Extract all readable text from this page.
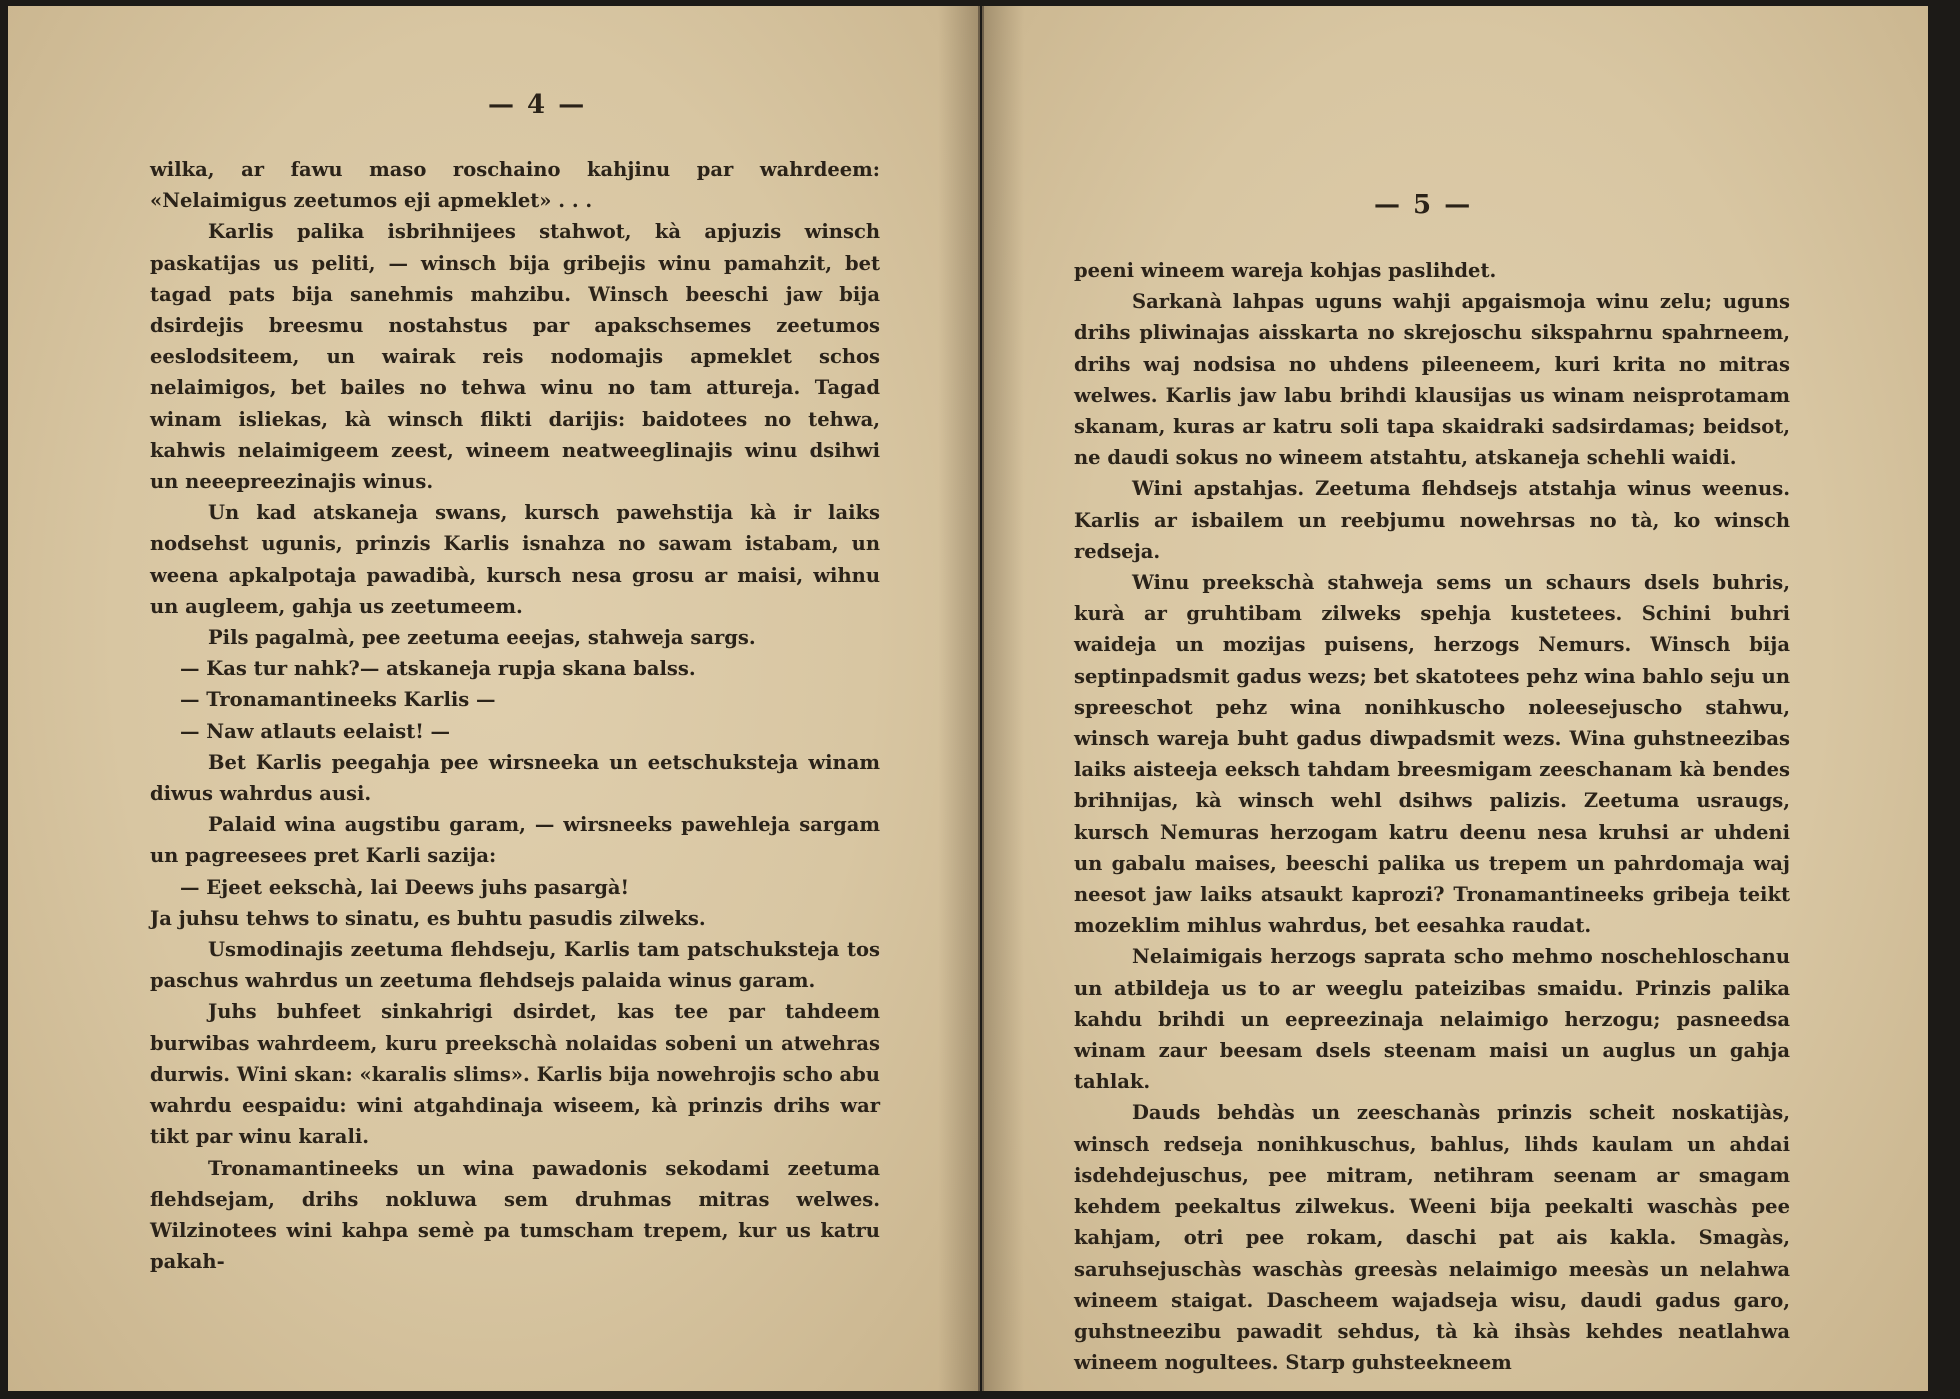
— 4 —

wilka, ar fawu maso roschaino kahjinu par wahrdeem: «Nelaimigus zeetumos eji apmeklet» . . .

Karlis palika isbrihnijees stahwot, kà apjuzis winsch paskatijas us peliti, — winsch bija gribejis winu pamahzit, bet tagad pats bija sanehmis mahzibu. Winsch beeschi jaw bija dsirdejis breesmu nostahstus par apakschsemes zeetumos eeslodsiteem, un wairak reis nodomajis apmeklet schos nelaimigos, bet bailes no tehwa winu no tam attureja. Tagad winam isliekas, kà winsch flikti darijis: baidotees no tehwa, kahwis nelaimigeem zeest, wineem neatweeglinajis winu dsihwi un neeepreezinajis winus.

Un kad atskaneja swans, kursch pawehstija kà ir laiks nodsehst ugunis, prinzis Karlis isnahza no sawam istabam, un weena apkalpotaja pawadibà, kursch nesa grosu ar maisi, wihnu un augleem, gahja us zeetumeem.

Pils pagalmà, pee zeetuma eeejas, stahweja sargs.

— Kas tur nahk?— atskaneja rupja skana balss.

— Tronamantineeks Karlis —

— Naw atlauts eelaist! —

Bet Karlis peegahja pee wirsneeka un eetschukstejа winam diwus wahrdus ausi.

Palaid wina augstibu garam, — wirsneeks pawehleja sargam un pagreesees pret Karli sazija:

— Ejeet eekschà, lai Deews juhs pasargà!

Ja juhsu tehws to sinatu, es buhtu pasudis zilweks.

Usmodinajis zeetuma flehdseju, Karlis tam patschukstejа tos paschus wahrdus un zeetuma flehdsejs palaida winus garam.

Juhs buhfeet sinkahrigi dsirdet, kas tee par tahdeem burwibas wahrdeem, kuru preekschà nolaidas sobeni un atwehras durwis. Wini skan: «karalis slims». Karlis bija nowehrojis scho abu wahrdu eespaidu: wini atgahdinaja wiseem, kà prinzis drihs war tikt par winu karali.

Tronamantineeks un wina pawadonis sekodami zeetuma flehdsejam, drihs nokluwa sem druhmas mitras welwes. Wilzinotees wini kahpa semè pa tumscham trepem, kur us katru pakah-

— 5 —

peeni wineem wareja kohjas paslihdet.

Sarkanà lahpas uguns wahji apgaismoja winu zelu; uguns drihs pliwinajas aisskarta no skrejoschu sikspahrnu spahrneem, drihs waj nodsisa no uhdens pileeneem, kuri krita no mitras welwes. Karlis jaw labu brihdi klausijas us winam neisprotamam skanam, kuras ar katru soli tapa skaidraki sadsirdamas; beidsot, ne daudi sokus no wineem atstahtu, atskaneja schehli waidi.

Wini apstahjas. Zeetuma flehdsejs atstahja winus weenus. Karlis ar isbailem un reebjumu nowehrsas no tà, ko winsch redseja.

Winu preekschà stahweja sems un schaurs dsels buhris, kurà ar gruhtibam zilweks spehja kustetees. Schini buhri waideja un mozijas puisens, herzogs Nemurs. Winsch bija septinpadsmit gadus wezs; bet skatotees pehz wina bahlo seju un spreeschot pehz wina nonihkuschо noleesejuscho stahwu, winsch wareja buht gadus diwpadsmit wezs. Wina guhstneezibas laiks aisteeja eeksch tahdam breesmigam zeeschanam kà bendes brihnijas, kà winsch wehl dsihws palizis. Zeetuma usraugs, kursch Nemuras herzogam katru deenu nesa kruhsi ar uhdeni un gabalu maises, beeschi palika us trepem un pahrdomaja waj neesot jaw laiks atsaukt kaprozi? Tronamantineeks gribeja teikt mozeklim mihlus wahrdus, bet eesahka raudat.

Nelaimigais herzogs saprata scho mehmo noschehloschanu un atbildeja us to ar weeglu pateizibas smaidu. Prinzis palika kahdu brihdi un eepreezinaja nelaimigo herzogu; pasneedsa winam zaur beesam dsels steenam maisi un auglus un gahja tahlak.

Dauds behdàs un zeeschanàs prinzis scheit noskatijàs, winsch redseja nonihkuschus, bahlus, lihds kaulam un ahdai isdehdejuschus, pee mitram, netihram seenam ar smagam kehdem peekaltus zilwekus. Weeni bija peekalti waschàs pee kahjam, otri pee rokam, daschi pat ais kakla. Smagàs, saruhsejuschàs waschàs greesàs nelaimigo meesàs un nelahwa wineem staigat. Dascheem wajadseja wisu, daudi gadus garo, guhstneezibu pawadit sehdus, tà kà ihsàs kehdes neatlahwa wineem nogultees. Starp guhsteekneem
